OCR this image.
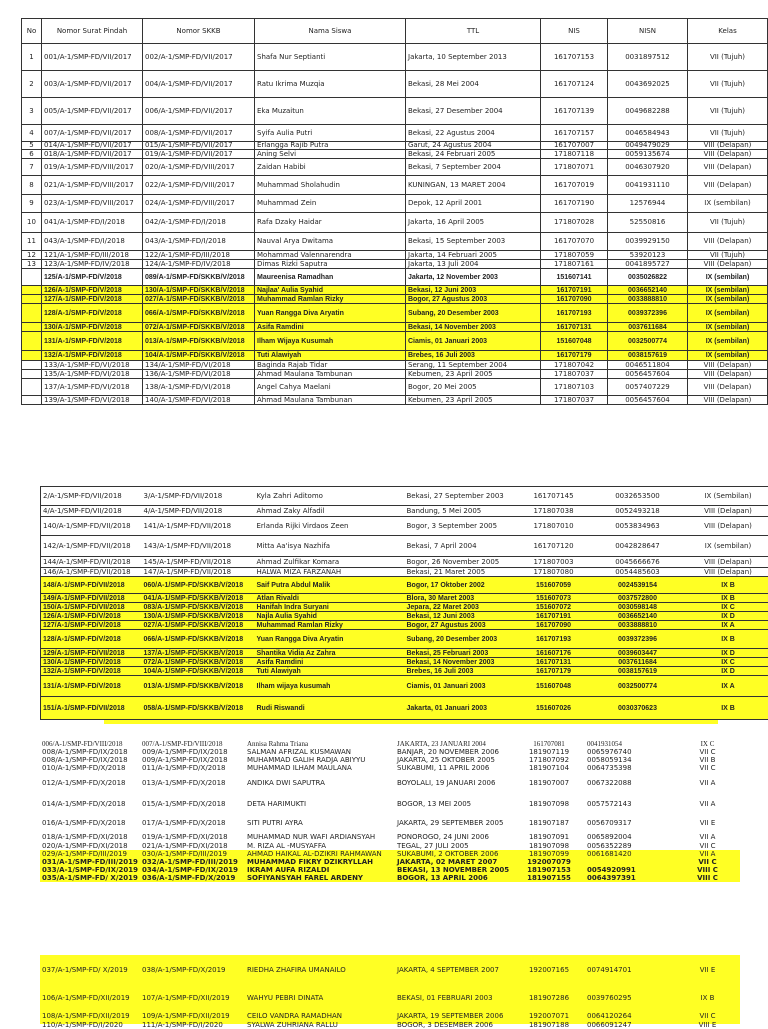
No	Nomor Surat Pindah	Nomor SKKB	Nama Siswa	TTL	NIS	NISN	Kelas
1	001/A-1/SMP-FD/VII/2017	002/A-1/SMP-FD/VII/2017	Shafa Nur Septianti	Jakarta, 10 September 2013	161707153	0031897512	VII (Tujuh)
2	003/A-1/SMP-FD/VII/2017	004/A-1/SMP-FD/VII/2017	Ratu Ikrima Muzqia	Bekasi, 28 Mei 2004	161707124	0043692025	VII (Tujuh)
3	005/A-1/SMP-FD/VII/2017	006/A-1/SMP-FD/VII/2017	Eka Muzaitun	Bekasi, 27 Desember 2004	161707139	0049682288	VII (Tujuh)
4	007/A-1/SMP-FD/VII/2017	008/A-1/SMP-FD/VII/2017	Syifa Aulia Putri	Bekasi, 22 Agustus 2004	161707157	0046584943	VII (Tujuh)
5	014/A-1/SMP-FD/VII/2017	015/A-1/SMP-FD/VII/2017	Erlangga Rajib Putra	Garut, 24 Agustus 2004	161707007	0049479029	VIII (Delapan)
6	018/A-1/SMP-FD/VII/2017	019/A-1/SMP-FD/VII/2017	Aning Selvi	Bekasi, 24 Februari 2005	171807118	0059135674	VIII (Delapan)
7	019/A-1/SMP-FD/VIII/2017	020/A-1/SMP-FD/VIII/2017	Zaidan Habibi	Bekasi, 7 September 2004	171807071	0046307920	VIII (Delapan)
8	021/A-1/SMP-FD/VIII/2017	022/A-1/SMP-FD/VIII/2017	Muhammad Sholahudin	KUNINGAN, 13 MARET 2004	161707019	0041931110	VIII (Delapan)
9	023/A-1/SMP-FD/VIII/2017	024/A-1/SMP-FD/VIII/2017	Muhammad Zein	Depok, 12 April 2001	161707190	12576944	IX (sembilan)
10	041/A-1/SMP-FD/I/2018	042/A-1/SMP-FD/I/2018	Rafa Dzaky Haidar	Jakarta, 16 April 2005	171807028	52550816	VII (Tujuh)
11	043/A-1/SMP-FD/I/2018	043/A-1/SMP-FD/I/2018	Nauval Arya Dwitama	Bekasi, 15 September 2003	161707070	0039929150	VIII (Delapan)
12	121/A-1/SMP-FD/III/2018	122/A-1/SMP-FD/III/2018	Mohammad Valennarendra	Jakarta, 14 Februari 2005	171807059	53920123	VII (Tujuh)
13	123/A-1/SMP-FD/IV/2018	124/A-1/SMP-FD/IV/2018	Dimas Rizki Saputra	Jakarta, 13 Juli 2004	171807161	0041895727	VIII (Delapan)
	125/A-1/SMP-FD/V/2018	089/A-1/SMP-FD/SKKB/V/2018	Maureenisa Ramadhan	Jakarta, 12 November 2003	151607141	0035026822	IX (sembilan)
	126/A-1/SMP-FD/V/2018	130/A-1/SMP-FD/SKKB/V/2018	Najlaa' Aulia Syahid	Bekasi, 12 Juni 2003	161707191	0036652140	IX (sembilan)
	127/A-1/SMP-FD/V/2018	027/A-1/SMP-FD/SKKB/V/2018	Muhammad Ramlan Rizky	Bogor, 27 Agustus 2003	161707090	0033888810	IX (sembilan)
	128/A-1/SMP-FD/V/2018	066/A-1/SMP-FD/SKKB/V/2018	Yuan Rangga Diva Aryatin	Subang, 20 Desember 2003	161707193	0039372396	IX (sembilan)
	130/A-1/SMP-FD/V/2018	072/A-1/SMP-FD/SKKB/V/2018	Asifa Ramdini	Bekasi, 14 November 2003	161707131	0037611684	IX (sembilan)
	131/A-1/SMP-FD/V/2018	013/A-1/SMP-FD/SKKB/V/2018	Ilham Wijaya Kusumah	Ciamis, 01 Januari 2003	151607048	0032500774	IX (sembilan)
	132/A-1/SMP-FD/V/2018	104/A-1/SMP-FD/SKKB/V/2018	Tuti Alawiyah	Brebes, 16 Juli 2003	161707179	0038157619	IX (sembilan)
	133/A-1/SMP-FD/VI/2018	134/A-1/SMP-FD/VI/2018	Baginda Rajab Tidar	Serang, 11 September 2004	171807042	0046511804	VIII (Delapan)
	135/A-1/SMP-FD/VI/2018	136/A-1/SMP-FD/VI/2018	Ahmad Maulana Tambunan	Kebumen, 23 April 2005	171807037	0056457604	VIII (Delapan)
	137/A-1/SMP-FD/VI/2018	138/A-1/SMP-FD/VI/2018	Angel Cahya Maelani	Bogor, 20 Mei 2005	171807103	0057407229	VIII (Delapan)
	139/A-1/SMP-FD/VI/2018	140/A-1/SMP-FD/VI/2018	Ahmad Maulana Tambunan	Kebumen, 23 April 2005	171807037	0056457604	VIII (Delapan)
2/A-1/SMP-FD/VII/2018	3/A-1/SMP-FD/VII/2018	Kyla Zahri Aditomo	Bekasi, 27 September 2003	161707145	0032653500	IX (Sembilan)
4/A-1/SMP-FD/VII/2018	4/A-1/SMP-FD/VII/2018	Ahmad Zaky Alfadil	Bandung, 5 Mei 2005	171807038	0052493218	VIII (Delapan)
140/A-1/SMP-FD/VII/2018	141/A-1/SMP-FD/VII/2018	Erlanda Rijki Virdaos Zeen	Bogor, 3 September 2005	171807010	0053834963	VIII (Delapan)
142/A-1/SMP-FD/VII/2018	143/A-1/SMP-FD/VII/2018	Mitta Aa'isya Nazhifa	Bekasi, 7 April 2004	161707120	0042828647	IX (sembilan)
144/A-1/SMP-FD/VII/2018	145/A-1/SMP-FD/VII/2018	Ahmad Zulfikar Komara	Bogor, 26 November 2005	171807003	0045666676	VIII (Delapan)
146/A-1/SMP-FD/VII/2018	147/A-1/SMP-FD/VII/2018	HALWA MIZA FARZANAH	Bekasi, 21 Maret 2005	171807080	0054485603	VIII (Delapan)
148/A-1/SMP-FD/VII/2018	060/A-1/SMP-FD/SKKB/V/2018	Saif Putra Abdul Malik	Bogor, 17 Oktober 2002	151607059	0024539154	IX B
149/A-1/SMP-FD/VII/2018	041/A-1/SMP-FD/SKKB/V/2018	Atlan Rivaldi	Blora, 30 Maret 2003	151607073	0037572800	IX B
150/A-1/SMP-FD/VII/2018	083/A-1/SMP-FD/SKKB/V/2018	Hanifah Indra Suryani	Jepara, 22 Maret 2003	151607072	0030598148	IX C
126/A-1/SMP-FD/V/2018	130/A-1/SMP-FD/SKKB/V/2018	Najla Aulia Syahid	Bekasi, 12 Juni 2003	161707191	0036652140	IX D
127/A-1/SMP-FD/V/2018	027/A-1/SMP-FD/SKKB/V/2018	Muhammad Ramlan Rizky	Bogor, 27 Agustus 2003	161707090	0033888810	IX A
128/A-1/SMP-FD/V/2018	066/A-1/SMP-FD/SKKB/V/2018	Yuan Rangga Diva Aryatin	Subang, 20 Desember 2003	161707193	0039372396	IX B
129/A-1/SMP-FD/VII/2018	137/A-1/SMP-FD/SKKB/V/2018	Shantika Vidia Az Zahra	Bekasi, 25 Februari 2003	161607176	0039603447	IX D
130/A-1/SMP-FD/V/2018	072/A-1/SMP-FD/SKKB/V/2018	Asifa Ramdini	Bekasi, 14 November 2003	161707131	0037611684	IX C
132/A-1/SMP-FD/V/2018	104/A-1/SMP-FD/SKKB/V/2018	Tuti Alawiyah	Brebes, 16 Juli 2003	161707179	0038157619	IX D
131/A-1/SMP-FD/V/2018	013/A-1/SMP-FD/SKKB/V/2018	Ilham wijaya kusumah	Ciamis, 01 Januari 2003	151607048	0032500774	IX A
151/A-1/SMP-FD/VII/2018	058/A-1/SMP-FD/SKKB/V/2018	Rudi Riswandi	Jakarta, 01 Januari 2003	151607026	0030370623	IX B
006/A-1/SMP-FD/VIII/2018	007/A-1/SMP-FD/VIII/2018	Annisa Rahma Triana	JAKARTA, 23 JANUARI 2004	161707081	0041931054	IX C
008/A-1/SMP-FD/IX/2018	009/A-1/SMP-FD/IX/2018	SALMAN AFRIZAL KUSMAWAN	BANJAR, 20 NOVEMBER 2006	181907119	0065976740	VII C
008/A-1/SMP-FD/IX/2018	009/A-1/SMP-FD/IX/2018	MUHAMMAD GALIH RADJA ABIYYU	JAKARTA, 25 OKTOBER 2005	171807092	0058059134	VII B
010/A-1/SMP-FD/X/2018	011/A-1/SMP-FD/X/2018	MUHAMMAD ILHAM MAULANA	SUKABUMI, 11 APRIL 2006	181907104	0064735398	VII C
012/A-1/SMP-FD/X/2018	013/A-1/SMP-FD/X/2018	ANDIKA DWI SAPUTRA	BOYOLALI, 19 JANUARI 2006	181907007	0067322088	VII A
014/A-1/SMP-FD/X/2018	015/A-1/SMP-FD/X/2018	DETA HARIMUKTI	BOGOR, 13 MEI 2005	181907098	0057572143	VII A
016/A-1/SMP-FD/X/2018	017/A-1/SMP-FD/X/2018	SITI PUTRI AYRA	JAKARTA, 29 SEPTEMBER 2005	181907187	0056709317	VII E
018/A-1/SMP-FD/XI/2018	019/A-1/SMP-FD/XI/2018	MUHAMMAD NUR WAFI ARDIANSYAH	PONOROGO, 24 JUNI 2006	181907091	0065892004	VII A
020/A-1/SMP-FD/XI/2018	021/A-1/SMP-FD/XI/2018	M. RIZA AL -MUSYAFFA	TEGAL, 27 JULI 2005	181907098	0056352289	VII C
029/A-1/SMP-FD/III/2019	030/A-1/SMP-FD/III/2019	AHMAD HAIKAL AL-DZIKRI RAHMAWAN	SUKABUMI, 2 OKTOBER 2006	181907099	0061681420	VII A
031/A-1/SMP-FD/III/2019	032/A-1/SMP-FD/III/2019	MUHAMMAD FIKRY DZIKRYLLAH	JAKARTA, 02 MARET 2007	192007079		VII C
033/A-1/SMP-FD/IX/2019	034/A-1/SMP-FD/IX/2019	IKRAM AUFA RIZALDI	BEKASI, 13 NOVEMBER 2005	181907153	0054920991	VIII C
035/A-1/SMP-FD/ X/2019	036/A-1/SMP-FD/X/2019	SOFIYANSYAH FAREL ARDENY	BOGOR, 13 APRIL 2006	181907155	0064397391	VIII C
037/A-1/SMP-FD/ X/2019	038/A-1/SMP-FD/X/2019	RIEDHA ZHAFIRA UMANAILO	JAKARTA, 4 SEPTEMBER 2007	192007165	0074914701	VII E
106/A-1/SMP-FD/XII/2019	107/A-1/SMP-FD/XII/2019	WAHYU PEBRI DINATA	BEKASI, 01 FEBRUARI 2003	181907286	0039760295	IX B
108/A-1/SMP-FD/XII/2019	109/A-1/SMP-FD/XII/2019	CEILO VANDRA RAMADHAN	JAKARTA, 19 SEPTEMBER 2006	192007071	0064120264	VII C
110/A-1/SMP-FD/I/2020	111/A-1/SMP-FD/I/2020	SYALWA ZUHRIANA RALLU	BOGOR, 3 DESEMBER 2006	181907188	0066091247	VIII E
